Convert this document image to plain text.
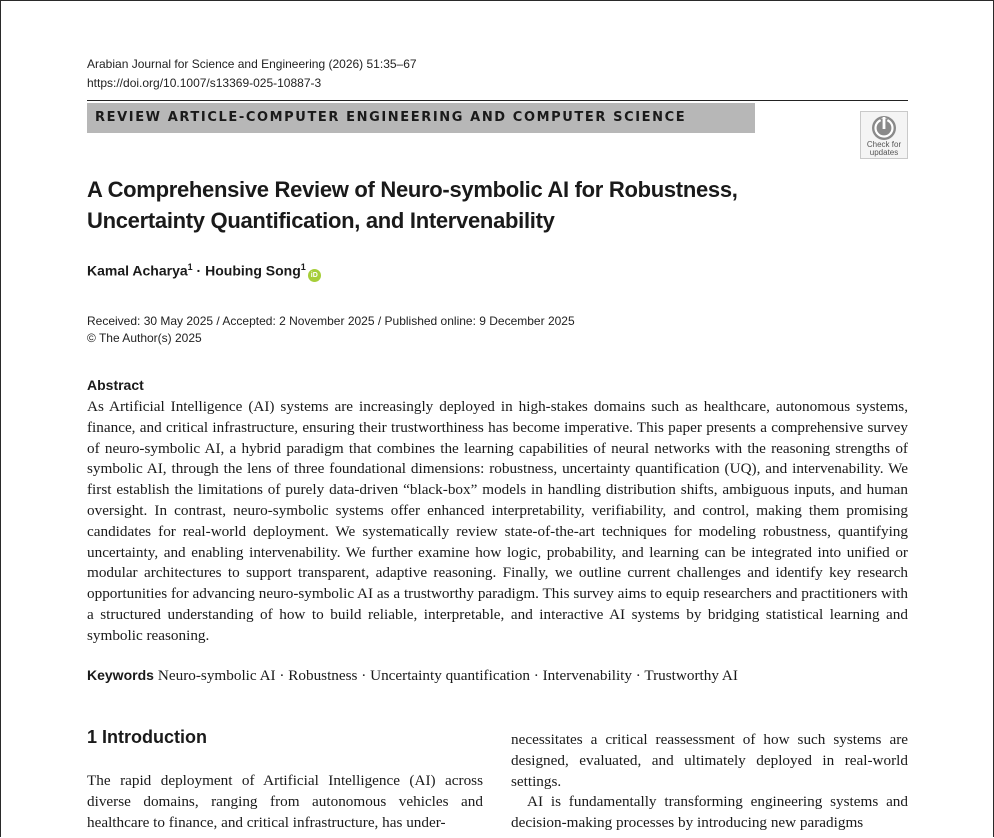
Arabian Journal for Science and Engineering (2026) 51:35–67
https://doi.org/10.1007/s13369-025-10887-3
REVIEW ARTICLE-COMPUTER ENGINEERING AND COMPUTER SCIENCE
Check for
updates
A Comprehensive Review of Neuro-symbolic AI for Robustness, Uncertainty Quantification, and Intervenability
Kamal Acharya$^1$ · Houbing Song$^1$iD
Received: 30 May 2025 / Accepted: 2 November 2025 / Published online: 9 December 2025
© The Author(s) 2025
Abstract
As Artificial Intelligence (AI) systems are increasingly deployed in high-stakes domains such as healthcare, autonomous systems, finance, and critical infrastructure, ensuring their trustworthiness has become imperative. This paper presents a comprehensive survey of neuro-symbolic AI, a hybrid paradigm that combines the learning capabilities of neural networks with the reasoning strengths of symbolic AI, through the lens of three foundational dimensions: robustness, uncertainty quantification (UQ), and intervenability. We first establish the limitations of purely data-driven “black-box” models in handling distribution shifts, ambiguous inputs, and human oversight. In contrast, neuro-symbolic systems offer enhanced interpretability, verifiability, and control, making them promising candidates for real-world deployment. We systematically review state-of-the-art techniques for modeling robustness, quantifying uncertainty, and enabling intervenability. We further examine how logic, probability, and learning can be integrated into unified or modular architectures to support transparent, adaptive reasoning. Finally, we outline current challenges and identify key research opportunities for advancing neuro-symbolic AI as a trustworthy paradigm. This survey aims to equip researchers and practitioners with a structured understanding of how to build reliable, interpretable, and interactive AI systems by bridging statistical learning and symbolic reasoning.
Keywords Neuro-symbolic AI · Robustness · Uncertainty quantification · Intervenability · Trustworthy AI
1 Introduction
The rapid deployment of Artificial Intelligence (AI) across diverse domains, ranging from autonomous vehicles and healthcare to finance, and critical infrastructure, has under-

necessitates a critical reassessment of how such systems are designed, evaluated, and ultimately deployed in real-world settings.

AI is fundamentally transforming engineering systems and decision-making processes by introducing new paradigms
